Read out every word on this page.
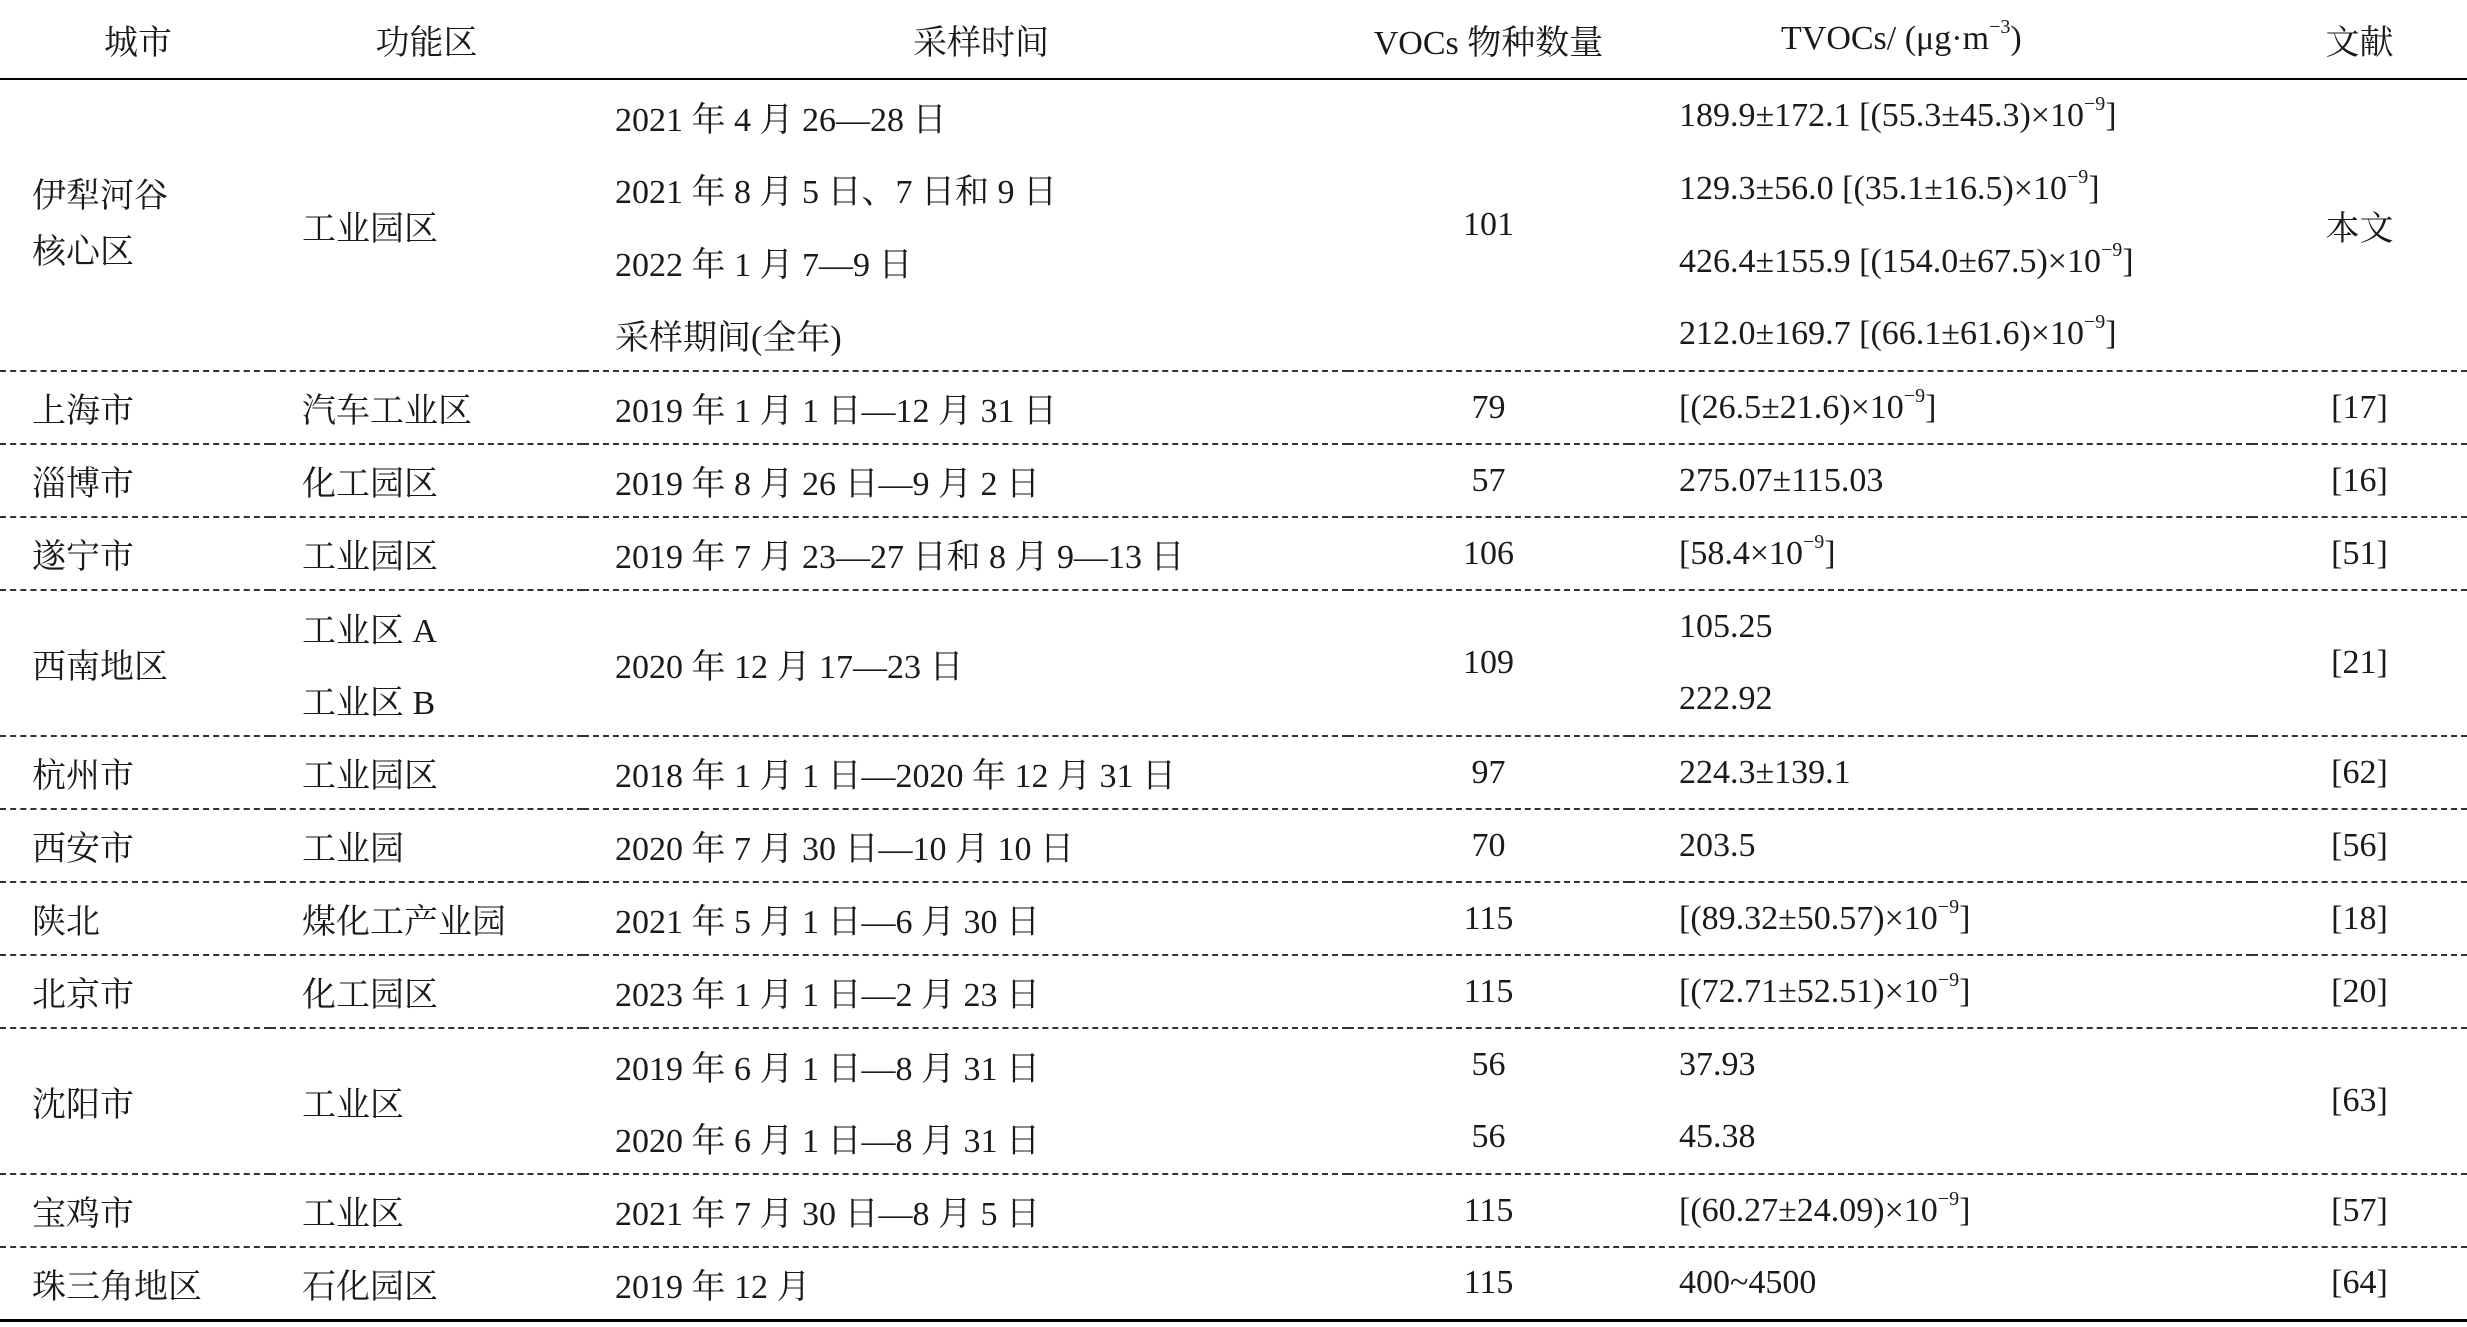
城市	功能区	采样时间	VOCs 物种数量	TVOCs/ $(\mu g\cdot m^{-3})$	文献

伊犁河谷
核心区	工业园区	2021 年 4 月 26—28 日	101	189.9±172.1 $[(55.3\pm 45.3)\times 10^{-9}]$	本文
		2021 年 8 月 5 日、7 日和 9 日		129.3±56.0 $[(35.1\pm 16.5)\times 10^{-9}]$	
		2022 年 1 月 7—9 日		426.4±155.9 $[(154.0\pm 67.5)\times 10^{-9}]$	
		采样期间(全年)		212.0±169.7 $[(66.1\pm 61.6)\times 10^{-9}]$	
上海市	汽车工业区	2019 年 1 月 1 日—12 月 31 日	79	$[(26.5\pm 21.6)\times 10^{-9}]$	[17]
淄博市	化工园区	2019 年 8 月 26 日—9 月 2 日	57	275.07±115.03	[16]
遂宁市	工业园区	2019 年 7 月 23—27 日和 8 月 9—13 日	106	$[58.4\times 10^{-9}]$	[51]
西南地区	工业区 A	2020 年 12 月 17—23 日	109	105.25	[21]
	工业区 B			222.92	
杭州市	工业园区	2018 年 1 月 1 日—2020 年 12 月 31 日	97	224.3±139.1	[62]
西安市	工业园	2020 年 7 月 30 日—10 月 10 日	70	203.5	[56]
陕北	煤化工产业园	2021 年 5 月 1 日—6 月 30 日	115	$[(89.32\pm 50.57)\times 10^{-9}]$	[18]
北京市	化工园区	2023 年 1 月 1 日—2 月 23 日	115	$[(72.71\pm 52.51)\times 10^{-9}]$	[20]
沈阳市	工业区	2019 年 6 月 1 日—8 月 31 日	56	37.93	[63]
		2020 年 6 月 1 日—8 月 31 日	56	45.38	
宝鸡市	工业区	2021 年 7 月 30 日—8 月 5 日	115	$[(60.27\pm 24.09)\times 10^{-9}]$	[57]
珠三角地区	石化园区	2019 年 12 月	115	400~4500	[64]
